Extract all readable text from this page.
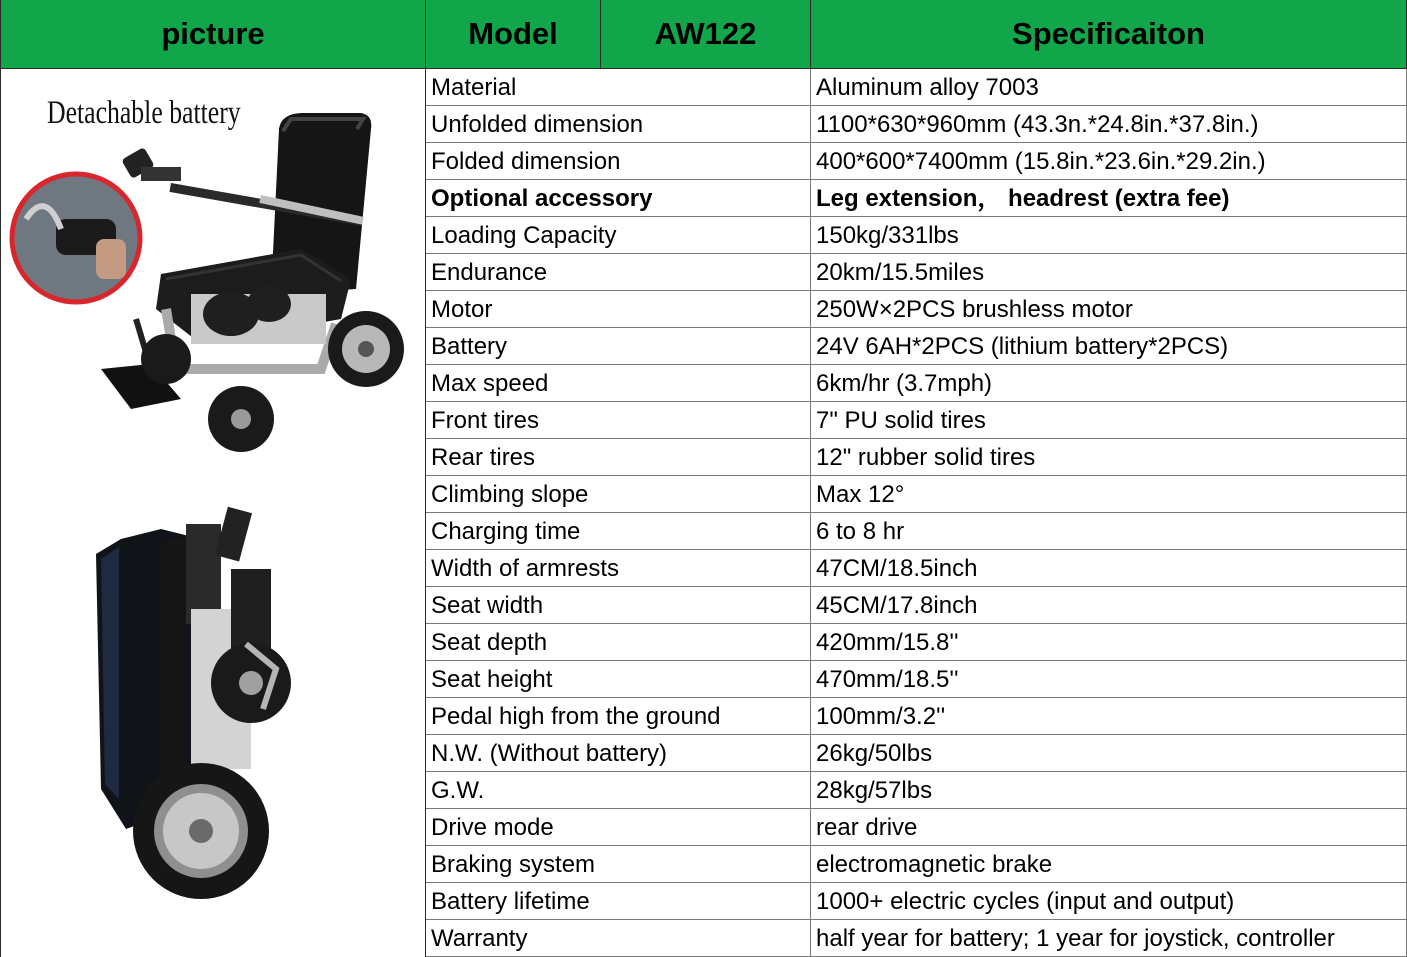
picture	Model	AW122	Specificaiton
Detachable battery
Material	Aluminum alloy 7003
Unfolded dimension	1100*630*960mm (43.3n.*24.8in.*37.8in.)
Folded dimension	400*600*7400mm (15.8in.*23.6in.*29.2in.)
Optional accessory	Leg extension， headrest (extra fee)
Loading Capacity	150kg/331lbs
Endurance	20km/15.5miles
Motor	250W×2PCS brushless motor
Battery	24V 6AH*2PCS (lithium battery*2PCS)
Max speed	6km/hr (3.7mph)
Front tires	7" PU solid tires
Rear tires	12" rubber solid tires
Climbing slope	Max 12°
Charging time	6 to 8 hr
Width of armrests	47CM/18.5inch
Seat width	45CM/17.8inch
Seat depth	420mm/15.8''
Seat height	470mm/18.5''
Pedal high from the ground	100mm/3.2''
N.W. (Without battery)	26kg/50lbs
G.W.	28kg/57lbs
Drive mode	rear drive
Braking system	electromagnetic brake
Battery lifetime	1000+ electric cycles (input and output)
Warranty	half year for battery; 1 year for joystick, controller
